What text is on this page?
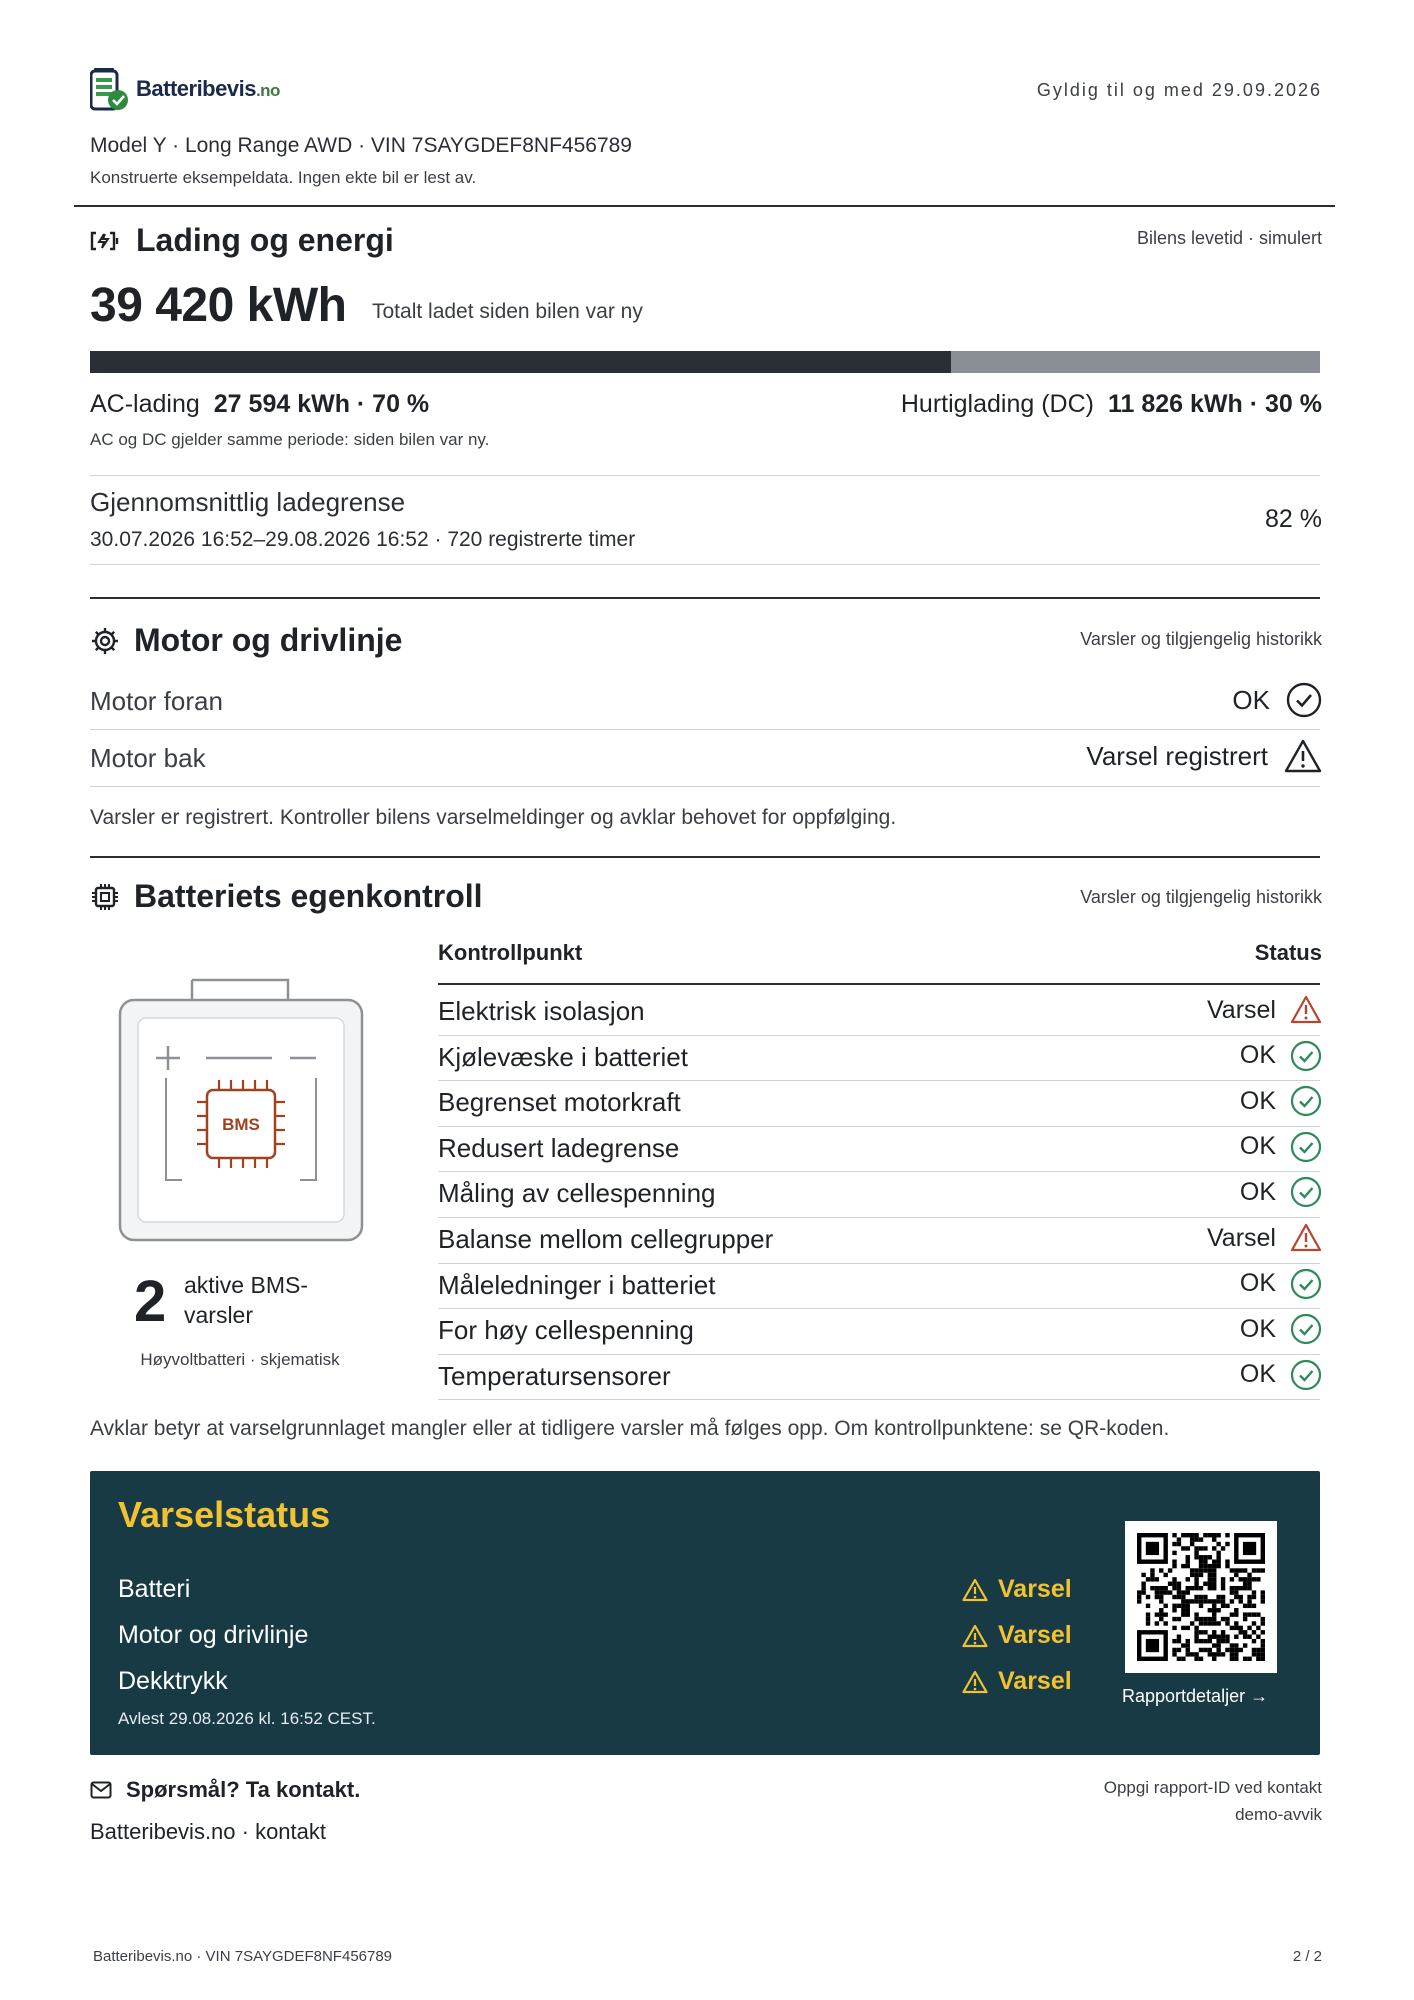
Batteribevis.no	Gyldig til og med 29.09.2026
Model Y · Long Range AWD · VIN 7SAYGDEF8NF456789
Konstruerte eksempeldata. Ingen ekte bil er lest av.
Lading og energi	Bilens levetid · simulert
39 420 kWh Totalt ladet siden bilen var ny
AC-lading 27 594 kWh · 70 %	Hurtiglading (DC) 11 826 kWh · 30 %
AC og DC gjelder samme periode: siden bilen var ny.
Gjennomsnittlig ladegrense
30.07.2026 16:52–29.08.2026 16:52 · 720 registrerte timer
82 %
Motor og drivlinje	Varsler og tilgjengelig historikk
Motor foran	OK
Motor bak	Varsel registrert
Varsler er registrert. Kontroller bilens varselmeldinger og avklar behovet for oppfølging.
Batteriets egenkontroll	Varsler og tilgjengelig historikk
BMS
2 aktive BMS-varsler
Høyvoltbatteri · skjematisk
Kontrollpunkt	Status
Elektrisk isolasjon	Varsel
Kjølevæske i batteriet	OK
Begrenset motorkraft	OK
Redusert ladegrense	OK
Måling av cellespenning	OK
Balanse mellom cellegrupper	Varsel
Måleledninger i batteriet	OK
For høy cellespenning	OK
Temperatursensorer	OK
Avklar betyr at varselgrunnlaget mangler eller at tidligere varsler må følges opp. Om kontrollpunktene: se QR-koden.
Varselstatus
Batteri	Varsel
Motor og drivlinje	Varsel
Dekktrykk	Varsel
Avlest 29.08.2026 kl. 16:52 CEST.
Rapportdetaljer →
Spørsmål? Ta kontakt.
Batteribevis.no · kontakt
Oppgi rapport-ID ved kontakt
demo-avvik
Batteribevis.no · VIN 7SAYGDEF8NF456789	2 / 2
